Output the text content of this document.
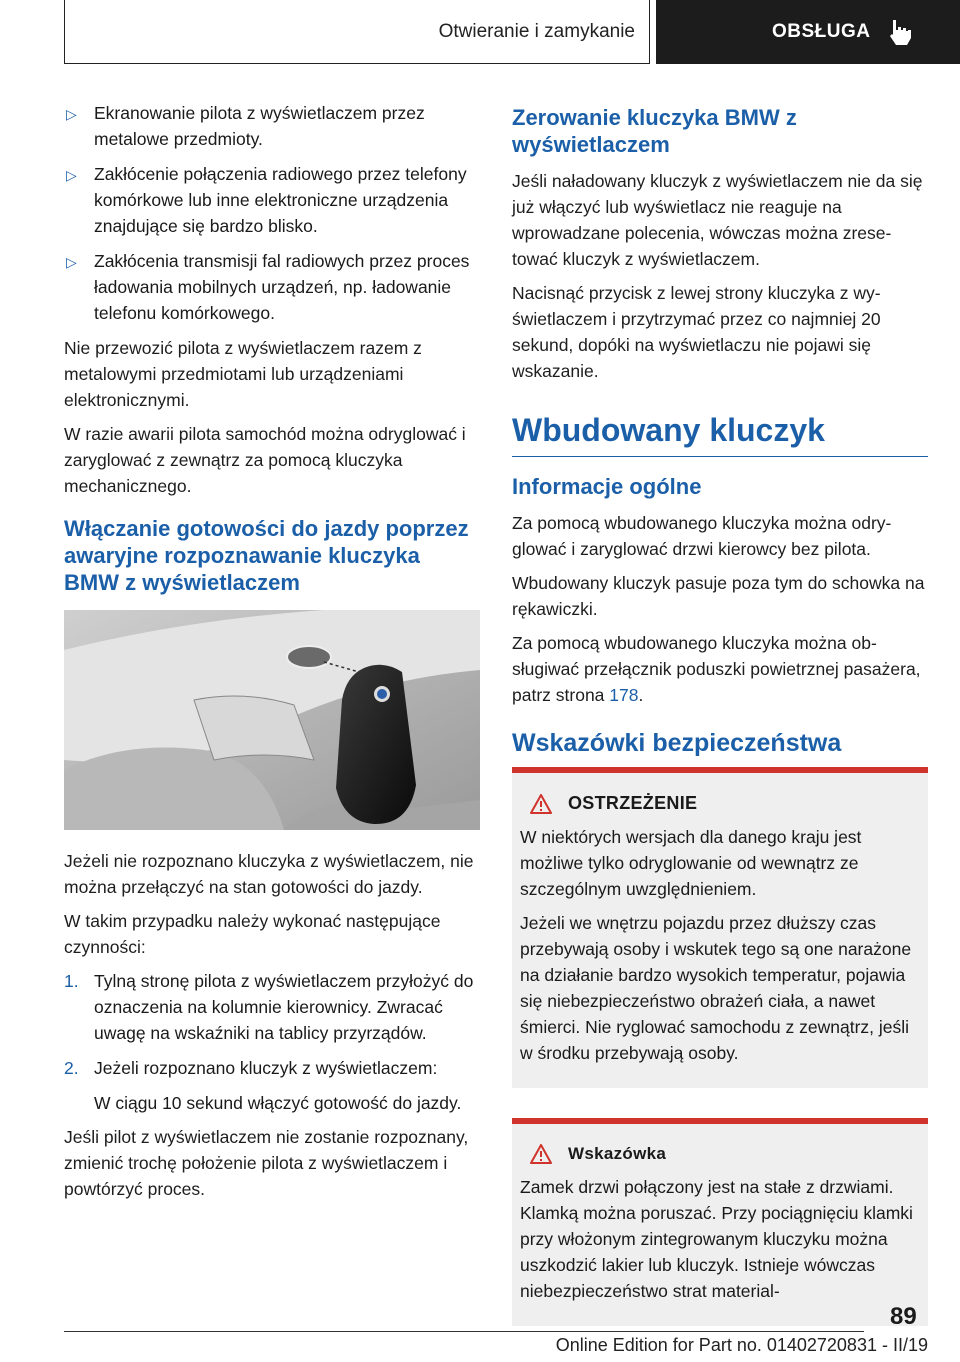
Otwieranie i zamykanie	OBSŁUGA
▷ Ekranowanie pilota z wyświetlaczem przez metalowe przedmioty.
▷ Zakłócenie połączenia radiowego przez telefony komórkowe lub inne elektroniczne urządzenia znajdujące się bardzo blisko.
▷ Zakłócenia transmisji fal radiowych przez proces ładowania mobilnych urządzeń, np. ładowanie telefonu komórkowego.

Nie przewozić pilota z wyświetlaczem razem z metalowymi przedmiotami lub urządzeniami elektronicznymi.

W razie awarii pilota samochód można odryglować i zaryglować z zewnątrz za pomocą kluczyka mechanicznego.

Włączanie gotowości do jazdy poprzez awaryjne rozpoznawanie kluczyka BMW z wyświetlaczem

Jeżeli nie rozpoznano kluczyka z wyświetlaczem, nie można przełączyć na stan gotowości do jazdy.

W takim przypadku należy wykonać następujące czynności:

1. Tylną stronę pilota z wyświetlaczem przyłożyć do oznaczenia na kolumnie kierownicy. Zwracać uwagę na wskaźniki na tablicy przyrządów.
2. Jeżeli rozpoznano kluczyk z wyświetlaczem:
W ciągu 10 sekund włączyć gotowość do jazdy.

Jeśli pilot z wyświetlaczem nie zostanie rozpoznany, zmienić trochę położenie pilota z wyświetlaczem i powtórzyć proces.

Zerowanie kluczyka BMW z wyświetlaczem

Jeśli naładowany kluczyk z wyświetlaczem nie da się już włączyć lub wyświetlacz nie reaguje na wprowadzane polecenia, wówczas można zresetować kluczyk z wyświetlaczem.

Nacisnąć przycisk z lewej strony kluczyka z wyświetlaczem i przytrzymać przez co najmniej 20 sekund, dopóki na wyświetlaczu nie pojawi się wskazanie.

Wbudowany kluczyk
Informacje ogólne

Za pomocą wbudowanego kluczyka można odryglować i zaryglować drzwi kierowcy bez pilota.

Wbudowany kluczyk pasuje poza tym do schowka na rękawiczki.

Za pomocą wbudowanego kluczyka można obsługiwać przełącznik poduszki powietrznej pasażera, patrz strona 178.

Wskazówki bezpieczeństwa
OSTRZEŻENIE

W niektórych wersjach dla danego kraju jest możliwe tylko odryglowanie od wewnątrz ze szczególnym uwzględnieniem.

Jeżeli we wnętrzu pojazdu przez dłuższy czas przebywają osoby i wskutek tego są one narażone na działanie bardzo wysokich temperatur, pojawia się niebezpieczeństwo obrażeń ciała, a nawet śmierci. Nie ryglować samochodu z zewnątrz, jeśli w środku przebywają osoby.

Wskazówka

Zamek drzwi połączony jest na stałe z drzwiami. Klamką można poruszać. Przy pociągnięciu klamki przy włożonym zintegrowanym kluczyku można uszkodzić lakier lub kluczyk. Istnieje wówczas niebezpieczeństwo strat material-

89
Online Edition for Part no. 01402720831 - II/19
